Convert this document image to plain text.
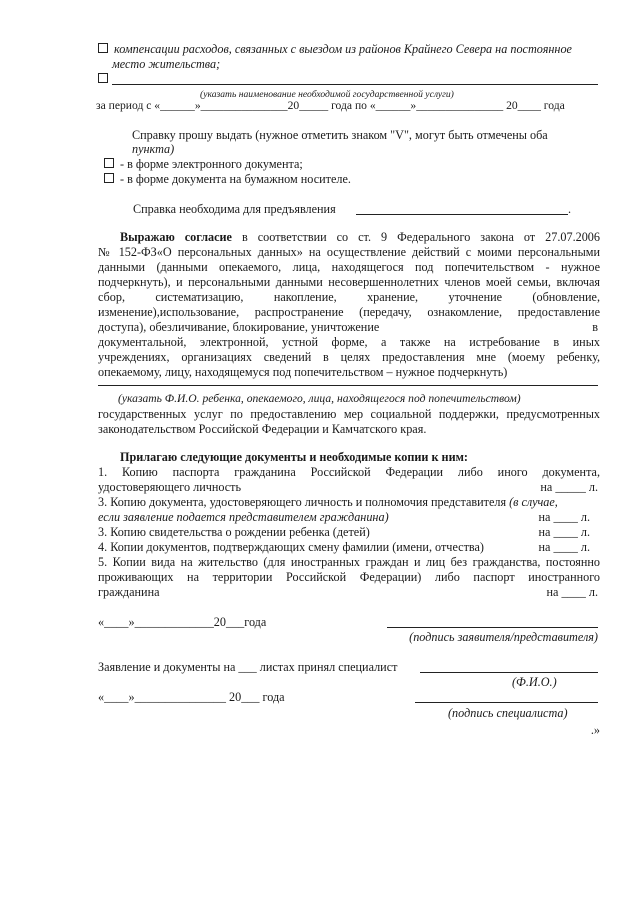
компенсации расходов, связанных с выездом из районов Крайнего Севера на постоянное
место жительства;
(указать наименование необходимой государственной услуги)
за период с «______»_______________20_____ года по «______»_______________ 20____ года
Справку прошу выдать (нужное отметить знаком "V", могут быть отмечены оба
пункта)
- в форме электронного документа;
- в форме документа на бумажном носителе.
Справка необходима для предъявления	.
Выражаю согласие в соответствии со ст. 9 Федерального закона от 27.07.2006
№ 152-ФЗ«О персональных данных» на осуществление действий с моими персональными
данными (данными опекаемого, лица, находящегося под попечительством - нужное
подчеркнуть), и персональными данными несовершеннолетних членов моей семьи, включая
сбор, систематизацию, накопление, хранение, уточнение (обновление,
изменение),использование, распространение (передачу, ознакомление, предоставление
доступа), обезличивание, блокирование, уничтожение	в
документальной, электронной, устной форме, а также на истребование в иных
учреждениях, организациях сведений в целях предоставления мне (моему ребенку,
опекаемому, лицу, находящемуся под попечительством – нужное подчеркнуть)
(указать Ф.И.О. ребенка, опекаемого, лица, находящегося под попечительством)
государственных услуг по предоставлению мер социальной поддержки, предусмотренных
законодательством Российской Федерации и Камчатского края.
Прилагаю следующие документы и необходимые копии к ним:
1. Копию паспорта гражданина Российской Федерации либо иного документа,
удостоверяющего личность	на _____ л.
3. Копию документа, удостоверяющего личность и полномочия представителя (в случае,
если заявление подается представителем гражданина)	на ____ л.
3. Копию свидетельства о рождении ребенка (детей)	на ____ л.
4. Копии документов, подтверждающих смену фамилии (имени, отчества)	на ____ л.
5. Копии вида на жительство (для иностранных граждан и лиц без гражданства, постоянно
проживающих на территории Российской Федерации) либо паспорт иностранного
гражданина	на ____ л.
«____»_____________20___года
(подпись заявителя/представителя)
Заявление и документы на ___ листах принял специалист
(Ф.И.О.)
«____»_______________ 20___ года
(подпись специалиста)
.»
